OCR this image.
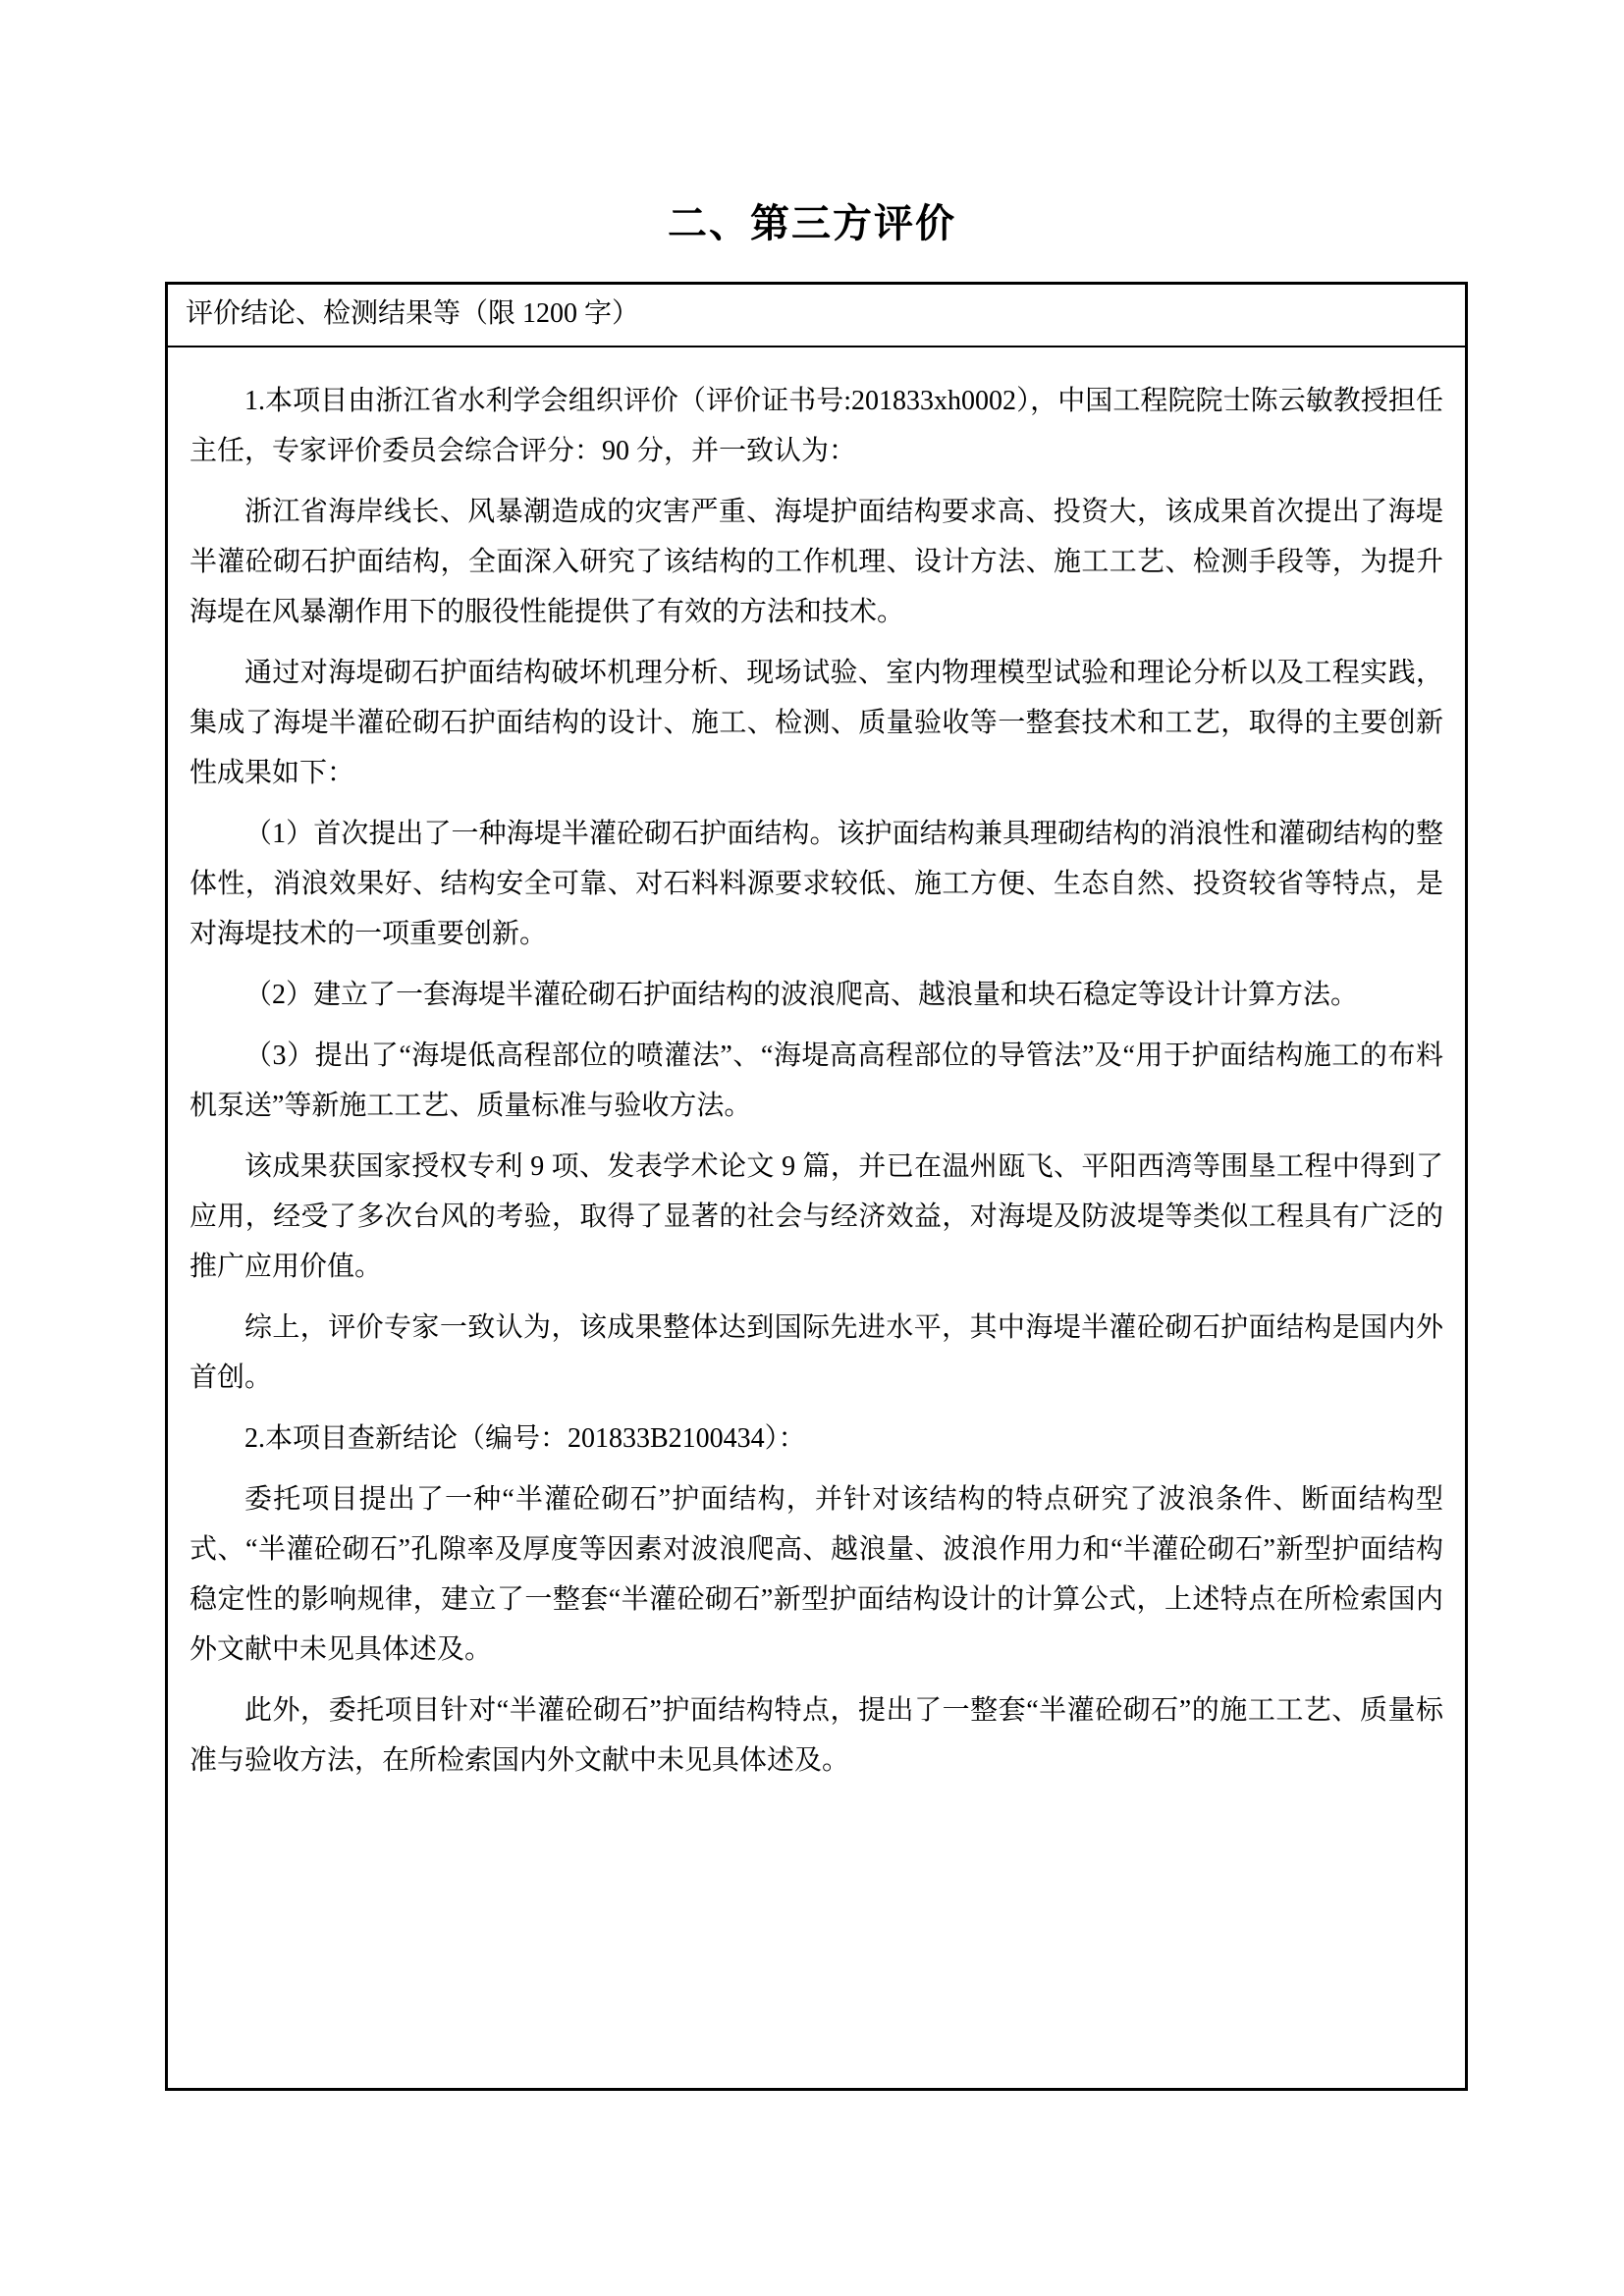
二、第三方评价
评价结论、检测结果等（限 1200 字）

1.本项目由浙江省水利学会组织评价（评价证书号:201833xh0002），中国工程院院士陈云敏教授担任主任，专家评价委员会综合评分：90 分，并一致认为：

浙江省海岸线长、风暴潮造成的灾害严重、海堤护面结构要求高、投资大，该成果首次提出了海堤半灌砼砌石护面结构，全面深入研究了该结构的工作机理、设计方法、施工工艺、检测手段等，为提升海堤在风暴潮作用下的服役性能提供了有效的方法和技术。

通过对海堤砌石护面结构破坏机理分析、现场试验、室内物理模型试验和理论分析以及工程实践，集成了海堤半灌砼砌石护面结构的设计、施工、检测、质量验收等一整套技术和工艺，取得的主要创新性成果如下：

（1）首次提出了一种海堤半灌砼砌石护面结构。该护面结构兼具理砌结构的消浪性和灌砌结构的整体性，消浪效果好、结构安全可靠、对石料料源要求较低、施工方便、生态自然、投资较省等特点，是对海堤技术的一项重要创新。

（2）建立了一套海堤半灌砼砌石护面结构的波浪爬高、越浪量和块石稳定等设计计算方法。

（3）提出了“海堤低高程部位的喷灌法”、“海堤高高程部位的导管法”及“用于护面结构施工的布料机泵送”等新施工工艺、质量标准与验收方法。

该成果获国家授权专利 9 项、发表学术论文 9 篇，并已在温州瓯飞、平阳西湾等围垦工程中得到了应用，经受了多次台风的考验，取得了显著的社会与经济效益，对海堤及防波堤等类似工程具有广泛的推广应用价值。

综上，评价专家一致认为，该成果整体达到国际先进水平，其中海堤半灌砼砌石护面结构是国内外首创。

2.本项目查新结论（编号：201833B2100434）：

委托项目提出了一种“半灌砼砌石”护面结构，并针对该结构的特点研究了波浪条件、断面结构型式、“半灌砼砌石”孔隙率及厚度等因素对波浪爬高、越浪量、波浪作用力和“半灌砼砌石”新型护面结构稳定性的影响规律，建立了一整套“半灌砼砌石”新型护面结构设计的计算公式，上述特点在所检索国内外文献中未见具体述及。

此外，委托项目针对“半灌砼砌石”护面结构特点，提出了一整套“半灌砼砌石”的施工工艺、质量标准与验收方法，在所检索国内外文献中未见具体述及。
